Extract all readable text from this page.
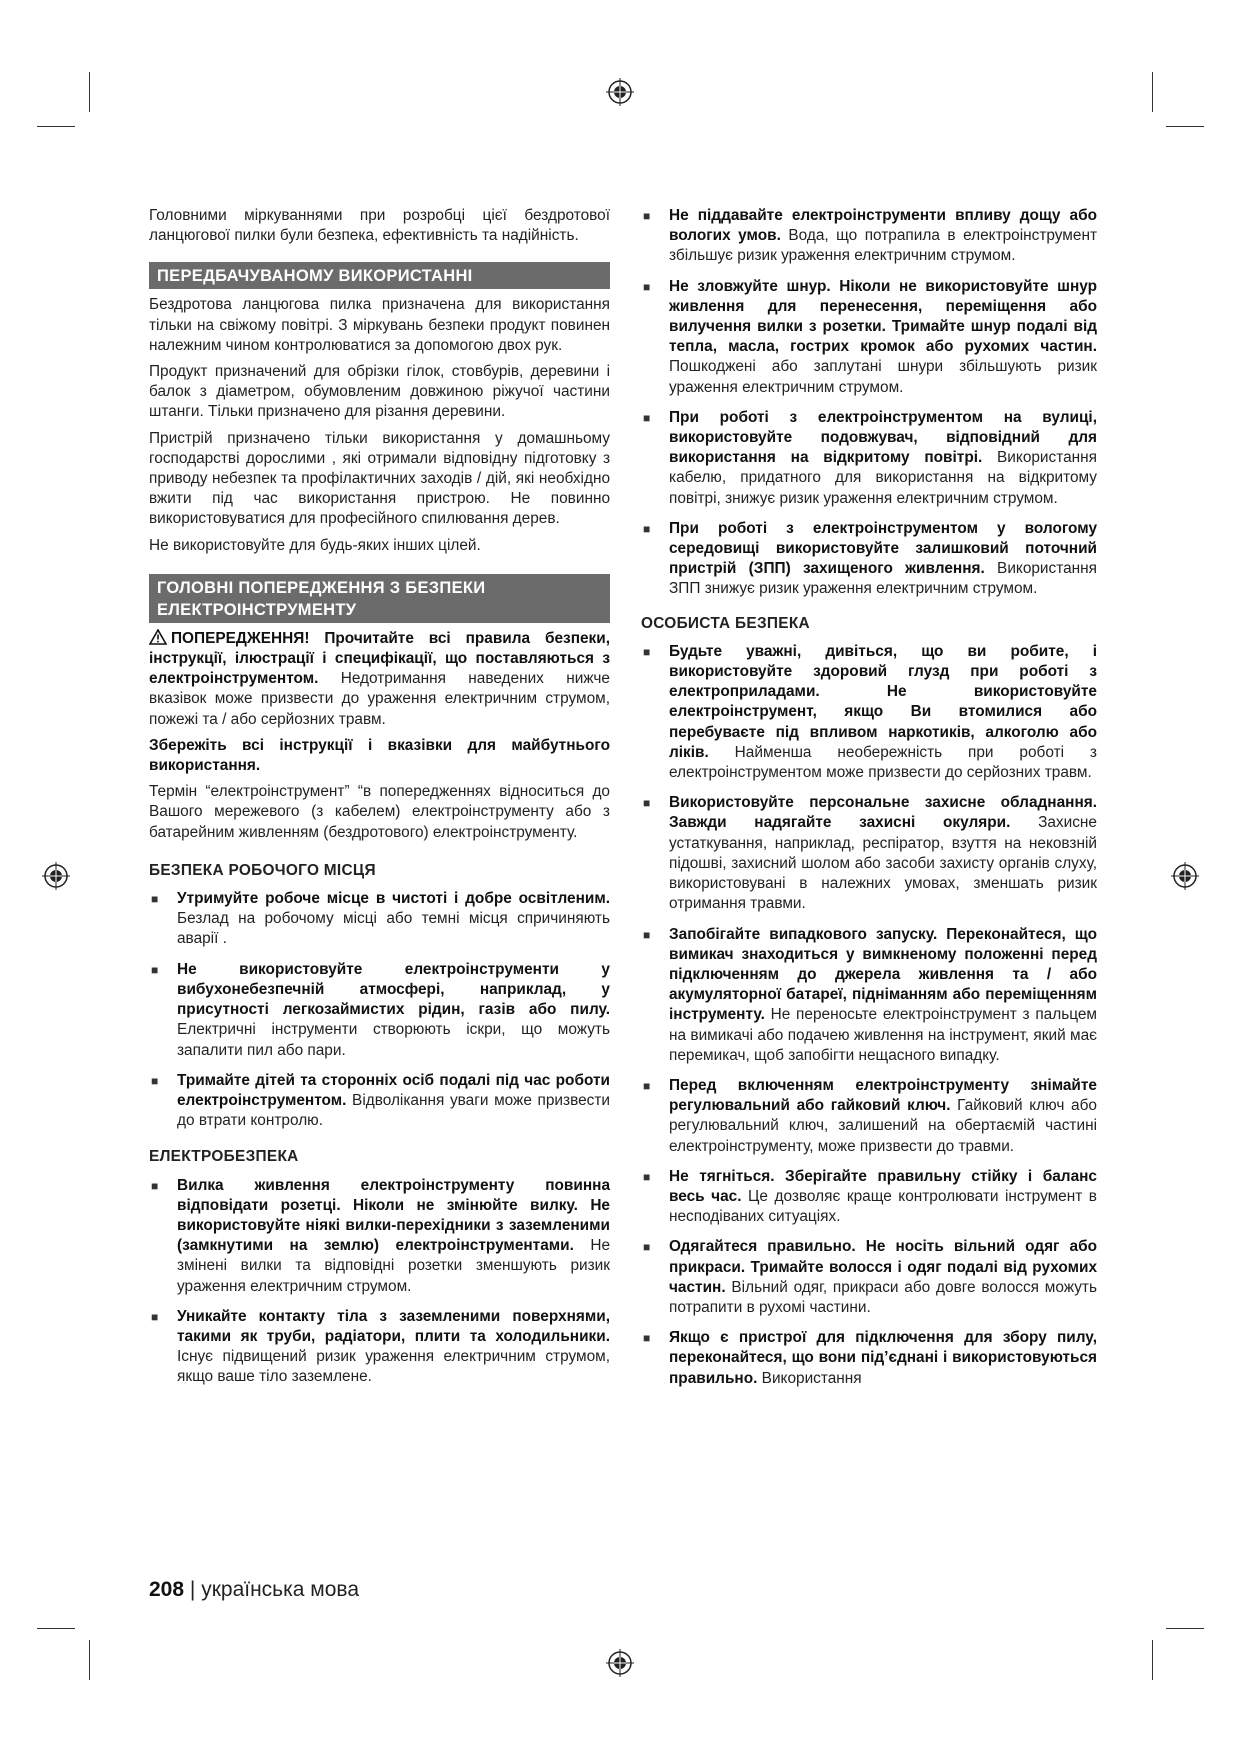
Головними міркуваннями при розробці цієї бездротової ланцюгової пилки були безпека, ефективність та надійність.

ПЕРЕДБАЧУВАНОМУ ВИКОРИСТАННІ

Бездротова ланцюгова пилка призначена для використання тільки на свіжому повітрі. З міркувань безпеки продукт повинен належним чином контролюватися за допомогою двох рук.

Продукт призначений для обрізки гілок, стовбурів, деревини і балок з діаметром, обумовленим довжиною ріжучої частини штанги. Тільки призначено для різання деревини.

Пристрій призначено тільки використання у домашньому господарстві дорослими , які отримали відповідну підготовку з приводу небезпек та профілактичних заходів / дій, які необхідно вжити під час використання пристрою. Не повинно використовуватися для професійного спилювання дерев.

Не використовуйте для будь-яких інших цілей.

ГОЛОВНІ ПОПЕРЕДЖЕННЯ З БЕЗПЕКИ
ЕЛЕКТРОІНСТРУМЕНТУ

ПОПЕРЕДЖЕННЯ! Прочитайте всі правила безпеки, інструкції, ілюстрації і специфікації, що поставляються з електроінструментом. Недотримання наведених нижче вказівок може призвести до ураження електричним струмом, пожежі та / або серйозних травм.

Збережіть всі інструкції і вказівки для майбутнього використання.

Термін “електроінструмент” “в попередженнях відноситься до Вашого мережевого (з кабелем) електроінструменту або з батарейним живленням (бездротового) електроінструменту.

БЕЗПЕКА РОБОЧОГО МІСЦЯ
■ Утримуйте робоче місце в чистоті і добре освітленим. Безлад на робочому місці або темні місця спричиняють аварії .
■ Не використовуйте електроінструменти у вибухонебезпечній атмосфері, наприклад, у присутності легкозаймистих рідин, газів або пилу. Електричні інструменти створюють іскри, що можуть запалити пил або пари.
■ Тримайте дітей та сторонніх осіб подалі під час роботи електроінструментом. Відволікання уваги може призвести до втрати контролю.
ЕЛЕКТРОБЕЗПЕКА
■ Вилка живлення електроінструменту повинна відповідати розетці. Ніколи не змінюйте вилку. Не використовуйте ніякі вилки-перехідники з заземленими (замкнутими на землю) електроінструментами. Не змінені вилки та відповідні розетки зменшують ризик ураження електричним струмом.
■ Уникайте контакту тіла з заземленими поверхнями, такими як труби, радіатори, плити та холодильники. Існує підвищений ризик ураження електричним струмом, якщо ваше тіло заземлене.
■ Не піддавайте електроінструменти впливу дощу або вологих умов. Вода, що потрапила в електроінструмент збільшує ризик ураження електричним струмом.
■ Не зловжуйте шнур. Ніколи не використовуйте шнур живлення для перенесення, переміщення або вилучення вилки з розетки. Тримайте шнур подалі від тепла, масла, гострих кромок або рухомих частин. Пошкоджені або заплутані шнури збільшують ризик ураження електричним струмом.
■ При роботі з електроінструментом на вулиці, використовуйте подовжувач, відповідний для використання на відкритому повітрі. Використання кабелю, придатного для використання на відкритому повітрі, знижує ризик ураження електричним струмом.
■ При роботі з електроінструментом у вологому середовищі використовуйте залишковий поточний пристрій (ЗПП) захищеного живлення. Використання ЗПП знижує ризик ураження електричним струмом.
ОСОБИСТА БЕЗПЕКА
■ Будьте уважні, дивіться, що ви робите, і використовуйте здоровий глузд при роботі з електроприладами. Не використовуйте електроінструмент, якщо Ви втомилися або перебуваєте під впливом наркотиків, алкоголю або ліків. Найменша необережність при роботі з електроінструментом може призвести до серйозних травм.
■ Використовуйте персональне захисне обладнання. Завжди надягайте захисні окуляри. Захисне устаткування, наприклад, респіратор, взуття на нековзній підошві, захисний шолом або засоби захисту органів слуху, використовувані в належних умовах, зменшать ризик отримання травми.
■ Запобігайте випадкового запуску. Переконайтеся, що вимикач знаходиться у вимкненому положенні перед підключенням до джерела живлення та / або акумуляторної батареї, підніманням або переміщенням інструменту. Не переносьте електроінструмент з пальцем на вимикачі або подачею живлення на інструмент, який має перемикач, щоб запобігти нещасного випадку.
■ Перед включенням електроінструменту знімайте регулювальний або гайковий ключ. Гайковий ключ або регулювальний ключ, залишений на обертаємій частині електроінструменту, може призвести до травми.
■ Не тягніться. Зберігайте правильну стійку і баланс весь час. Це дозволяє краще контролювати інструмент в несподіваних ситуаціях.
■ Одягайтеся правильно. Не носіть вільний одяг або прикраси. Тримайте волосся і одяг подалі від рухомих частин. Вільний одяг, прикраси або довге волосся можуть потрапити в рухомі частини.
■ Якщо є пристрої для підключення для збору пилу, переконайтеся, що вони під’єднані і використовуються правильно. Використання
208 | українська мова
